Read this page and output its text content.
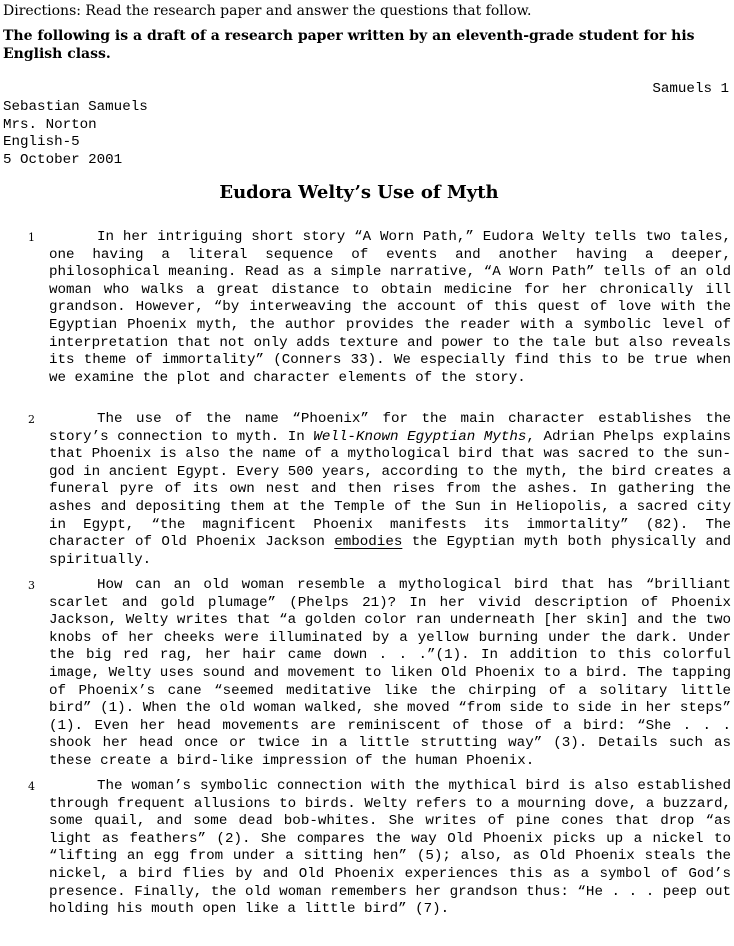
Directions: Read the research paper and answer the questions that follow.
The following is a draft of a research paper written by an eleventh-grade student for his English class.
Samuels 1
Sebastian Samuels
Mrs. Norton
English-5
5 October 2001
Eudora Welty’s Use of Myth
1	In her intriguing short story “A Worn Path,” Eudora Welty tells two tales, one having a literal sequence of events and another having a deeper, philosophical meaning. Read as a simple narrative, “A Worn Path” tells of an old woman who walks a great distance to obtain medicine for her chronically ill grandson. However, “by interweaving the account of this quest of love with the Egyptian Phoenix myth, the author provides the reader with a symbolic level of interpretation that not only adds texture and power to the tale but also reveals its theme of immortality” (Conners 33). We especially find this to be true when we examine the plot and character elements of the story.
2	The use of the name “Phoenix” for the main character establishes the story’s connection to myth. In Well-Known Egyptian Myths, Adrian Phelps explains that Phoenix is also the name of a mythological bird that was sacred to the sun-god in ancient Egypt. Every 500 years, according to the myth, the bird creates a funeral pyre of its own nest and then rises from the ashes. In gathering the ashes and depositing them at the Temple of the Sun in Heliopolis, a sacred city in Egypt, “the magnificent Phoenix manifests its immortality” (82). The character of Old Phoenix Jackson embodies the Egyptian myth both physically and spiritually.
3	How can an old woman resemble a mythological bird that has “brilliant scarlet and gold plumage” (Phelps 21)? In her vivid description of Phoenix Jackson, Welty writes that “a golden color ran underneath [her skin] and the two knobs of her cheeks were illuminated by a yellow burning under the dark. Under the big red rag, her hair came down . . .”(1). In addition to this colorful image, Welty uses sound and movement to liken Old Phoenix to a bird. The tapping of Phoenix’s cane “seemed meditative like the chirping of a solitary little bird” (1). When the old woman walked, she moved “from side to side in her steps” (1). Even her head movements are reminiscent of those of a bird: “She . . . shook her head once or twice in a little strutting way” (3). Details such as these create a bird-like impression of the human Phoenix.
4	The woman’s symbolic connection with the mythical bird is also established through frequent allusions to birds. Welty refers to a mourning dove, a buzzard, some quail, and some dead bob-whites. She writes of pine cones that drop “as light as feathers” (2). She compares the way Old Phoenix picks up a nickel to “lifting an egg from under a sitting hen” (5); also, as Old Phoenix steals the nickel, a bird flies by and Old Phoenix experiences this as a symbol of God’s presence. Finally, the old woman remembers her grandson thus: “He . . . peep out holding his mouth open like a little bird” (7).
